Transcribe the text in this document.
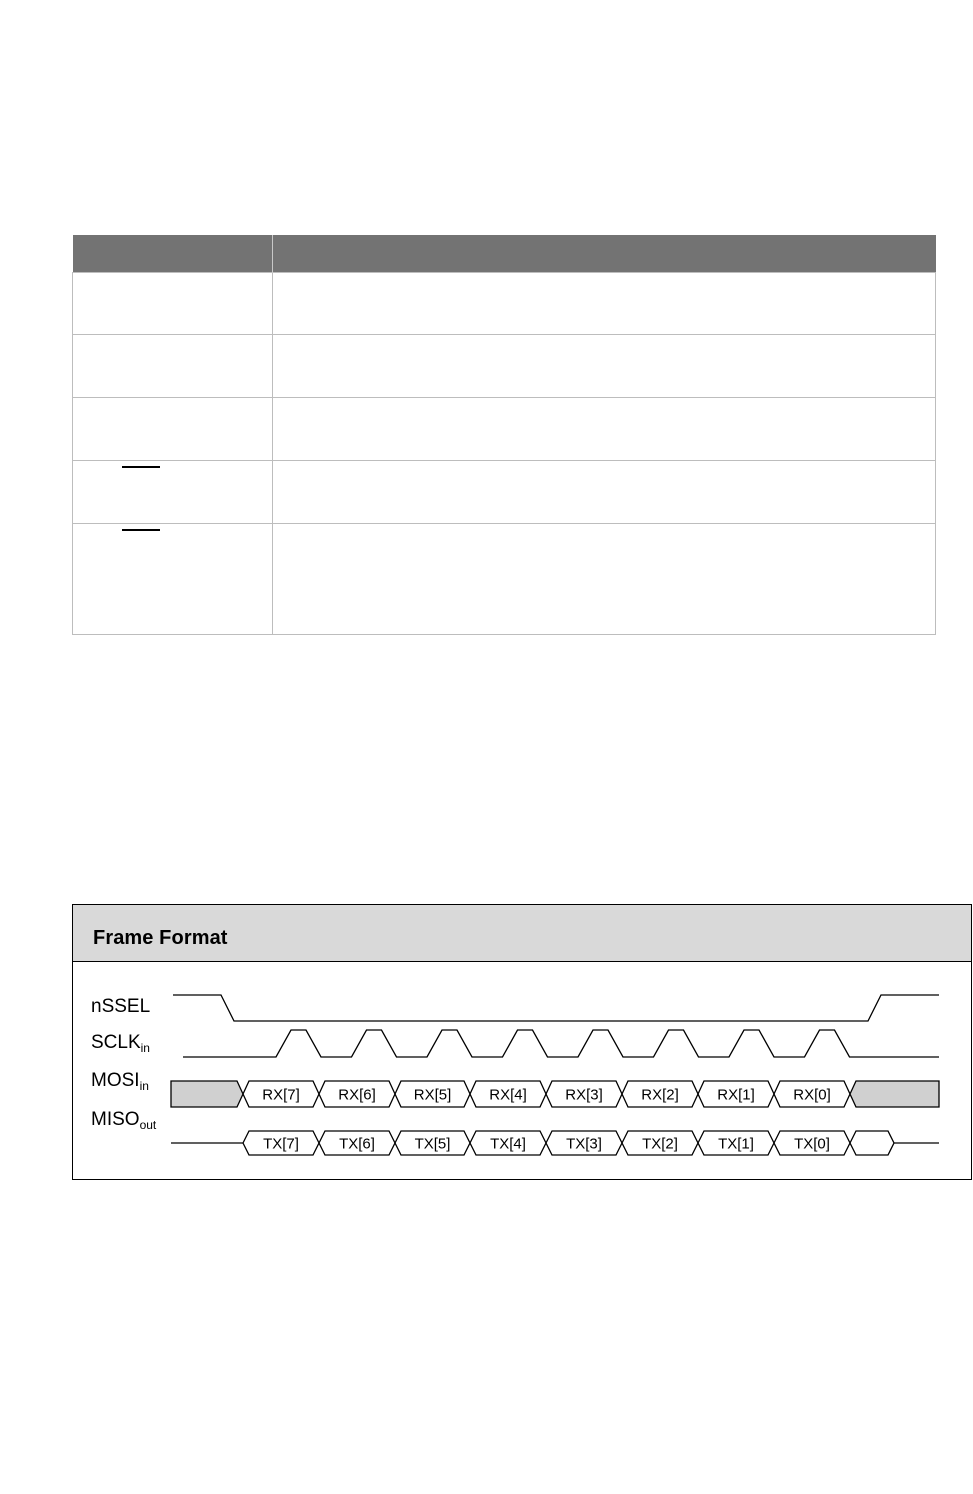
Frame Format
nSSEL
$SCLK_{in}$
$MOSI_{in}$
$MISO_{out}$
RX[7]	RX[6]	RX[5]	RX[4]	RX[3]	RX[2]	RX[1]	RX[0]
TX[7]	TX[6]	TX[5]	TX[4]	TX[3]	TX[2]	TX[1]	TX[0]
